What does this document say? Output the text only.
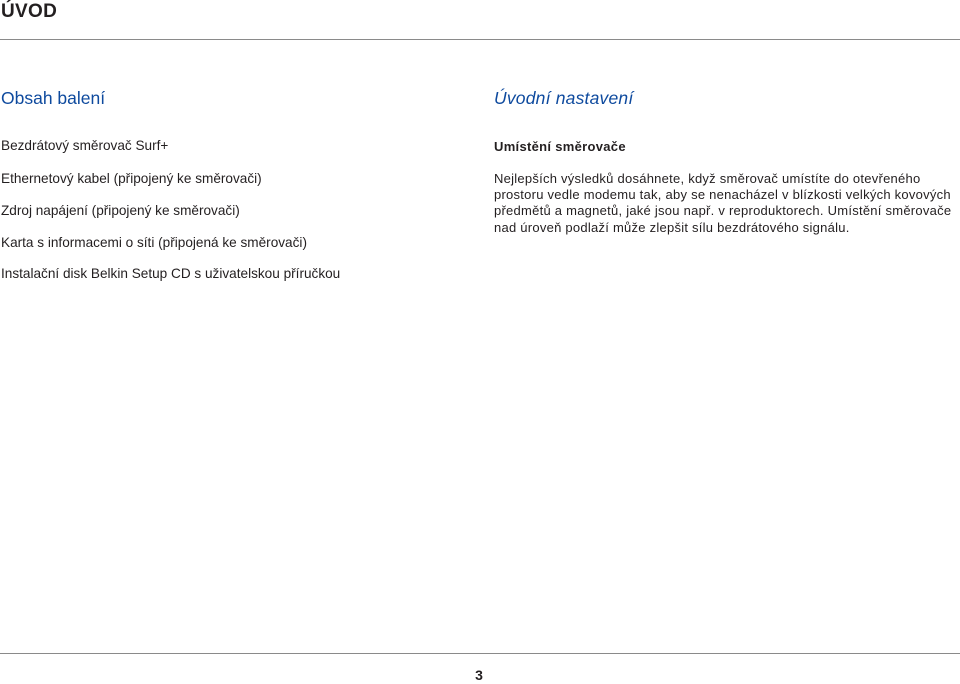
ÚVOD
Obsah balení
Bezdrátový směrovač Surf+
Ethernetový kabel (připojený ke směrovači)
Zdroj napájení (připojený ke směrovači)
Karta s informacemi o síti (připojená ke směrovači)
Instalační disk Belkin Setup CD s uživatelskou příručkou
Úvodní nastavení
Umístění směrovače

Nejlepších výsledků dosáhnete, když směrovač umístíte do otevřeného prostoru vedle modemu tak, aby se nenacházel v blízkosti velkých kovových předmětů a magnetů, jaké jsou např. v reproduktorech. Umístění směrovače nad úroveň podlaží může zlepšit sílu bezdrátového signálu.

3
